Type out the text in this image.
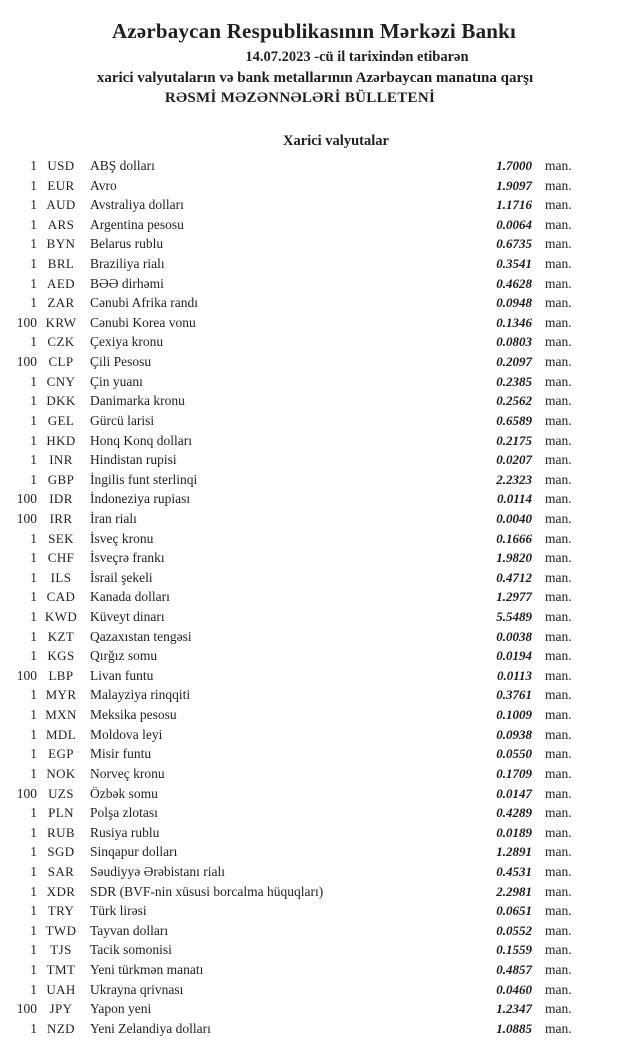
Azərbaycan Respublikasının Mərkəzi Bankı
14.07.2023 -cü il tarixindən etibarən
xarici valyutaların və bank metallarının Azərbaycan manatına qarşı
RƏSMİ MƏZƏNNƏLƏRİ BÜLLETENİ
Xarici valyutalar
1 USD	ABŞ dolları	1.7000 man.
1 EUR	Avro	1.9097 man.
1 AUD	Avstraliya dolları	1.1716 man.
1 ARS	Argentina pesosu	0.0064 man.
1 BYN	Belarus rublu	0.6735 man.
1 BRL	Braziliya rialı	0.3541 man.
1 AED	BƏƏ dirhəmi	0.4628 man.
1 ZAR	Cənubi Afrika randı	0.0948 man.
100 KRW	Cənubi Korea vonu	0.1346 man.
1 CZK	Çexiya kronu	0.0803 man.
100 CLP	Çili Pesosu	0.2097 man.
1 CNY	Çin yuanı	0.2385 man.
1 DKK	Danimarka kronu	0.2562 man.
1 GEL	Gürcü larisi	0.6589 man.
1 HKD	Honq Konq dolları	0.2175 man.
1 INR	Hindistan rupisi	0.0207 man.
1 GBP	İngilis funt sterlinqi	2.2323 man.
100 IDR	İndoneziya rupiası	0.0114 man.
100 IRR	İran rialı	0.0040 man.
1 SEK	İsveç kronu	0.1666 man.
1 CHF	İsveçrə frankı	1.9820 man.
1	ILS	İsrail şekeli	0.4712 man.
1 CAD	Kanada dolları	1.2977 man.
1 KWD Küveyt dinarı	5.5489 man.
1 KZT	Qazaxıstan tengəsi	0.0038 man.
1 KGS	Qırğız somu	0.0194 man.
100 LBP	Livan funtu	0.0113 man.
1 MYR	Malayziya rinqqiti	0.3761 man.
1 MXN Meksika pesosu	0.1009 man.
1 MDL	Moldova leyi	0.0938 man.
1 EGP	Misir funtu	0.0550 man.
1 NOK	Norveç kronu	0.1709 man.
100 UZS	Özbək somu	0.0147 man.
1 PLN	Polşa zlotası	0.4289 man.
1 RUB	Rusiya rublu	0.0189 man.
1 SGD	Sinqapur dolları	1.2891 man.
1 SAR	Səudiyyə Ərəbistanı rialı	0.4531 man.
1 XDR	SDR (BVF-nin xüsusi borcalma hüquqları)	2.2981 man.
1 TRY	Türk lirəsi	0.0651 man.
1 TWD	Tayvan dolları	0.0552 man.
1	TJS	Tacik somonisi	0.1559 man.
1 TMT	Yeni türkmən manatı	0.4857 man.
1 UAH	Ukrayna qrivnası	0.0460 man.
100 JPY	Yapon yeni	1.2347 man.
1 NZD	Yeni Zelandiya dolları	1.0885 man.
